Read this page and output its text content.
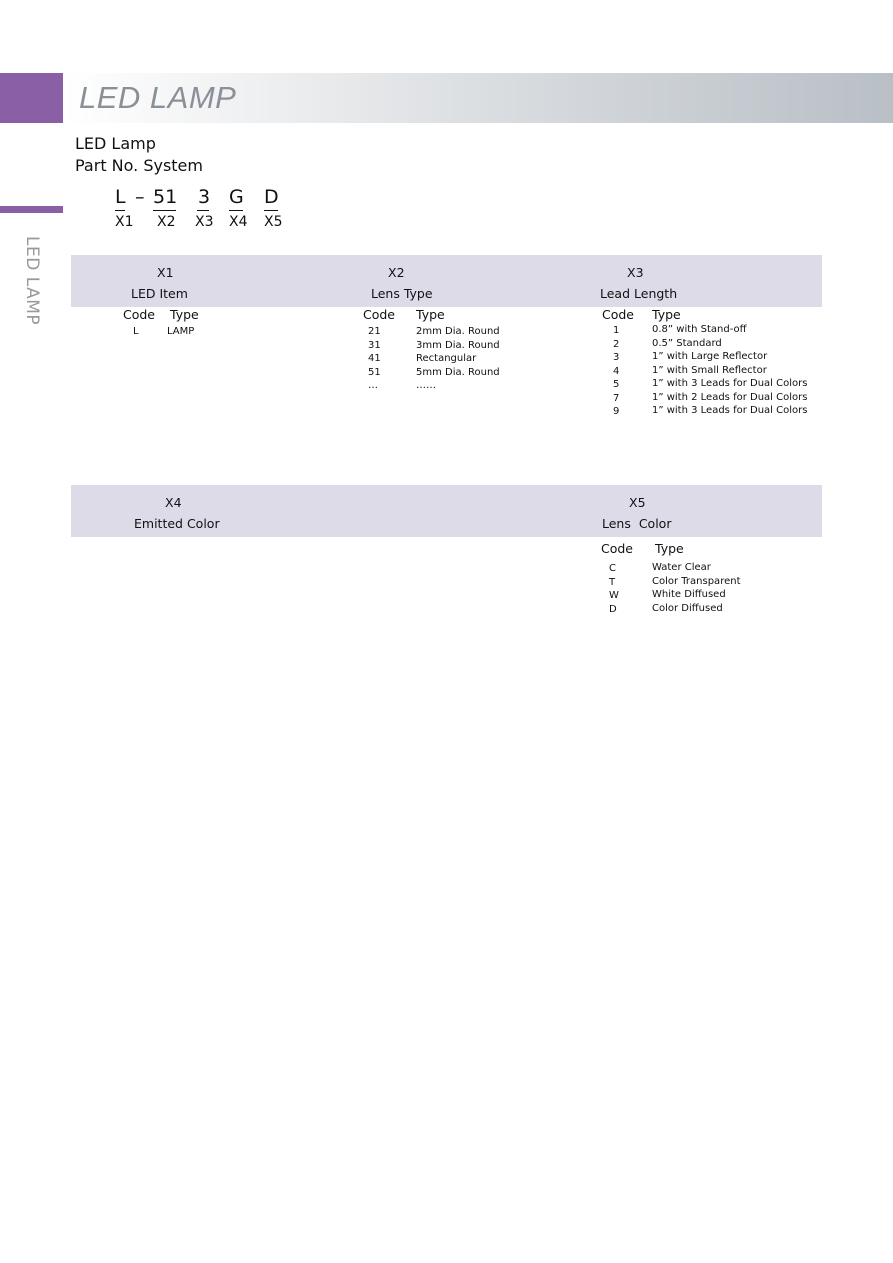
LED LAMP
LED LAMP
LED Lamp
Part No. System
L
X1
– 51
X2
3
X3
G
X4
D
X5
X1
LED Item
X2
Lens Type
X3
Lead Length
Code Type
L	LAMP
Code Type
21
31
41
51
…
2mm Dia. Round
3mm Dia. Round
Rectangular
5mm Dia. Round
……
Code Type
1
2
3
4
5
7
9
0.8” with Stand-off
0.5” Standard
1” with Large Reflector
1” with Small Reflector
1” with 3 Leads for Dual Colors
1” with 2 Leads for Dual Colors
1” with 3 Leads for Dual Colors
X4
Emitted Color
X5
Lens  Color
Code Type
C
T
W
D
Water Clear
Color Transparent
White Diffused
Color Diffused
